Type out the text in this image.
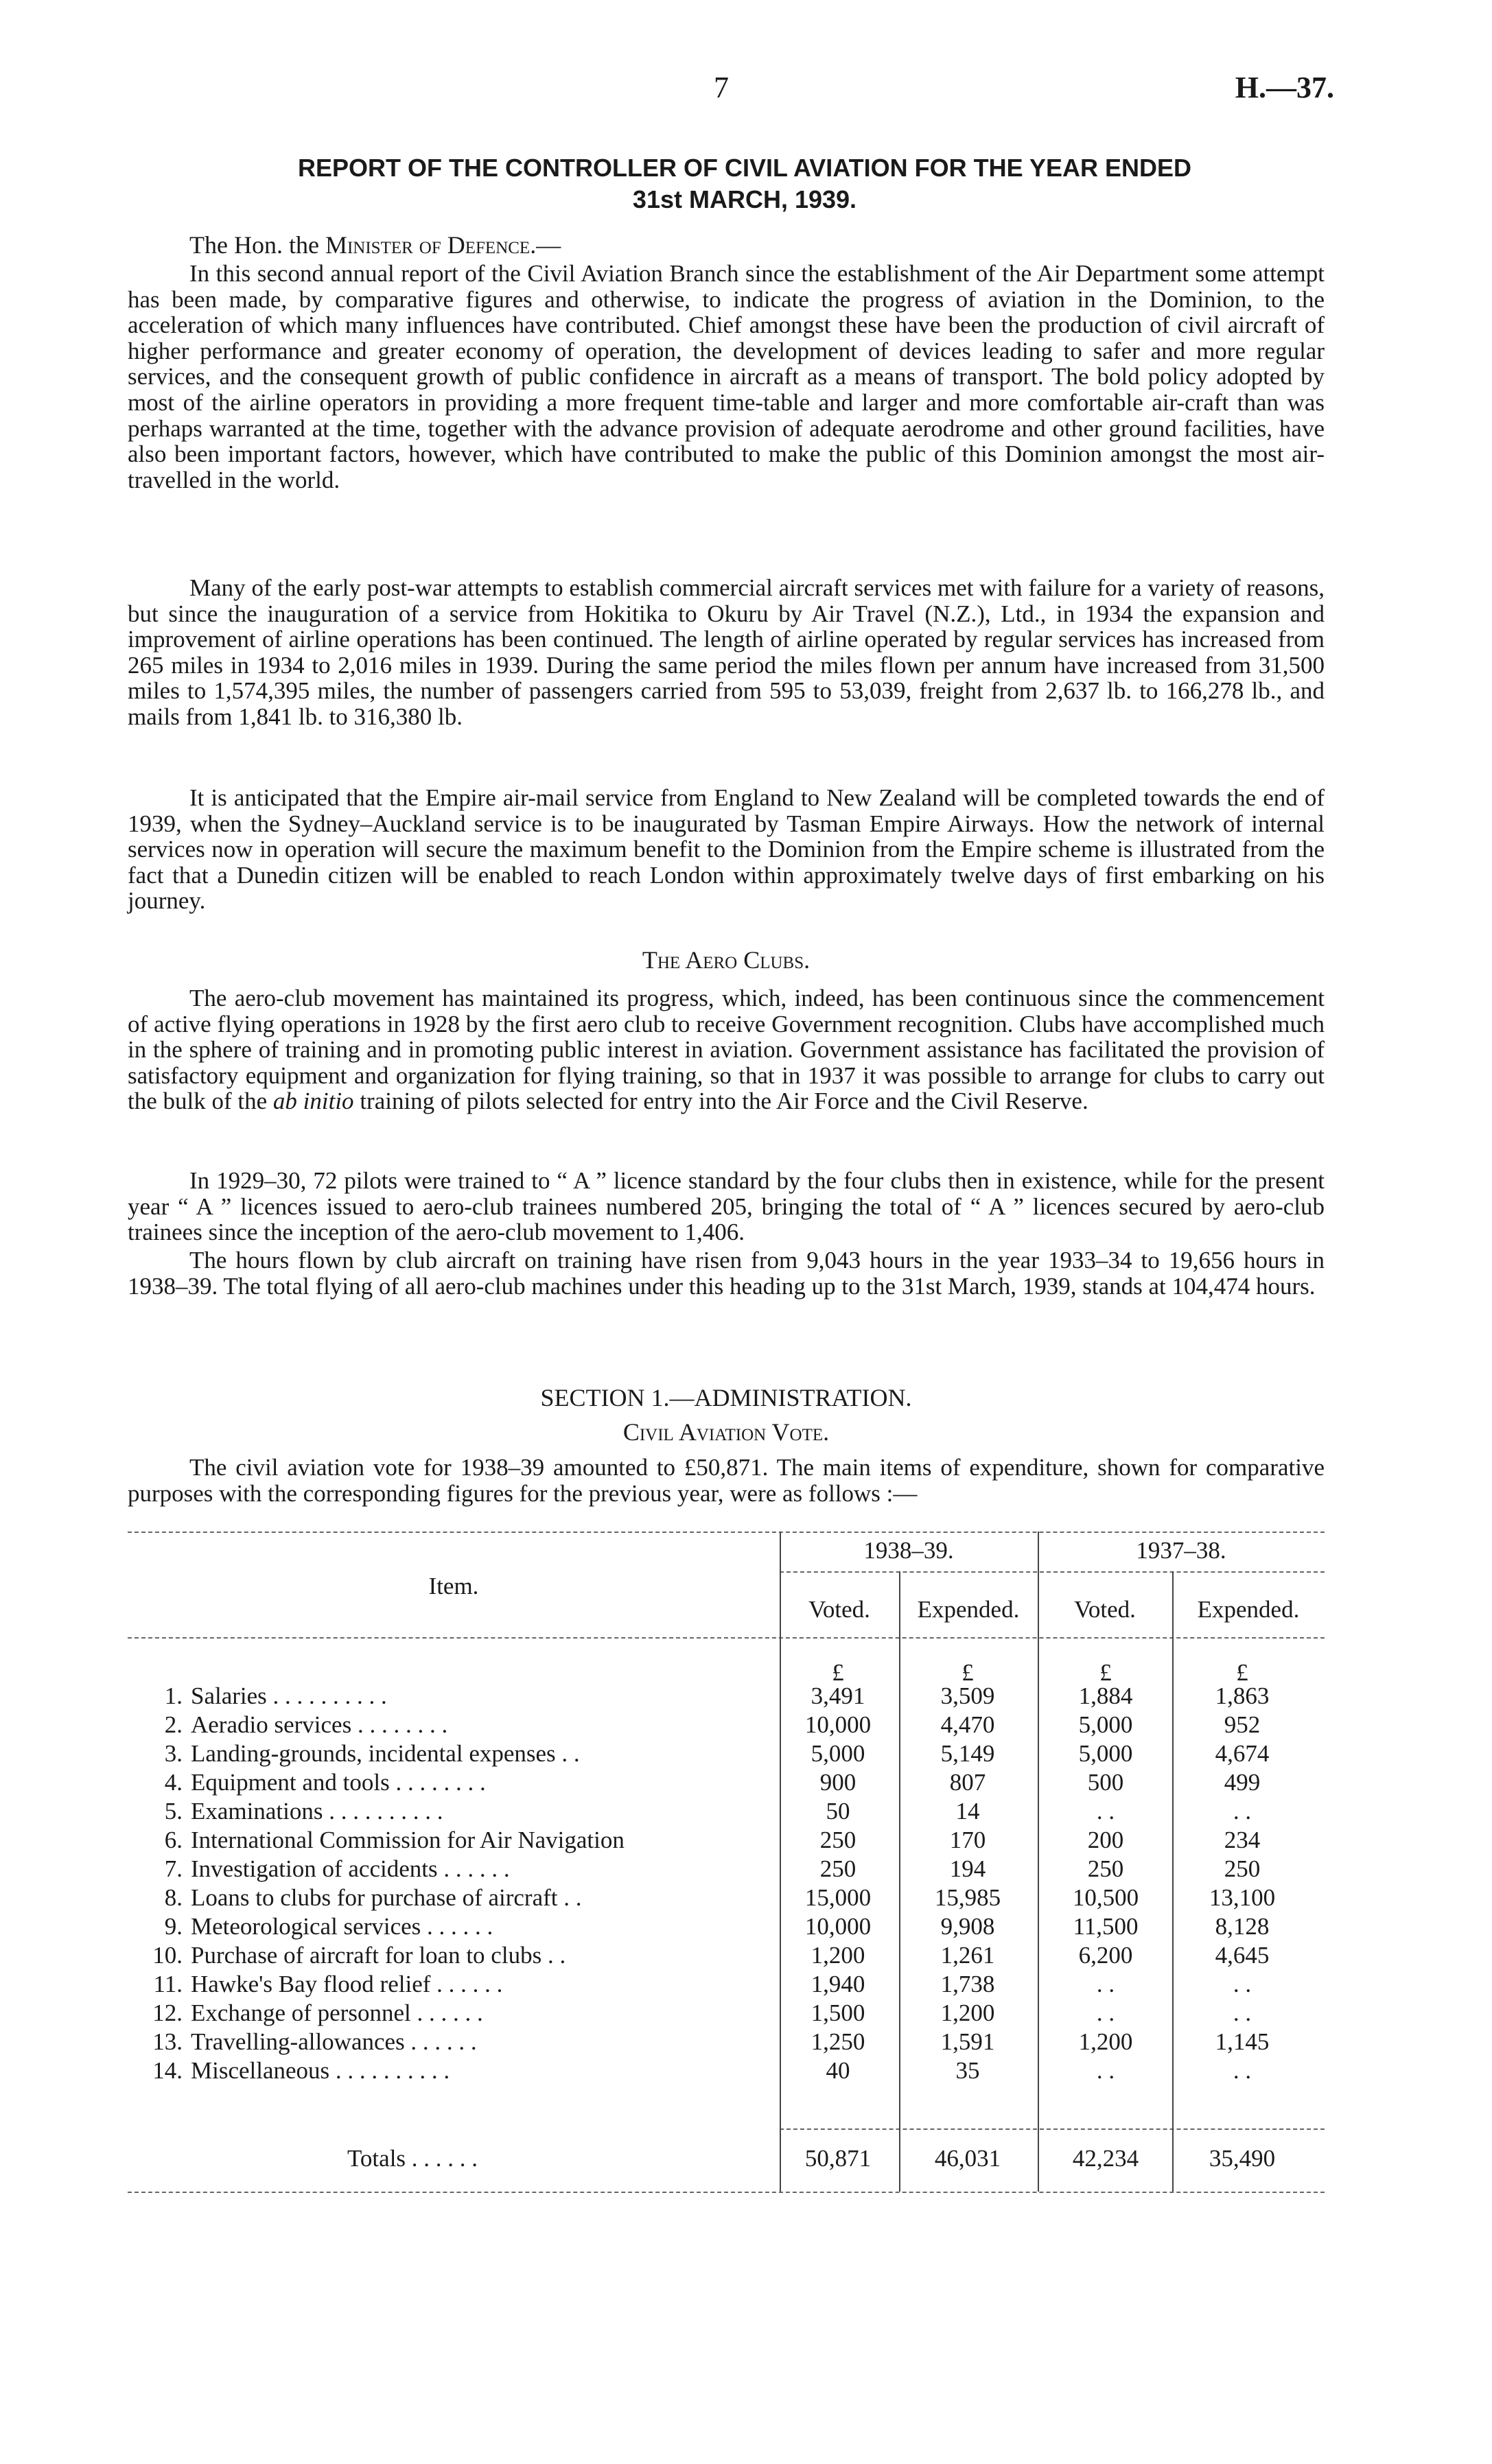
7	H.—37.
REPORT OF THE CONTROLLER OF CIVIL AVIATION FOR THE YEAR ENDED
31st MARCH, 1939.
The Hon. the Minister of Defence.—

In this second annual report of the Civil Aviation Branch since the establishment of the Air Department some attempt has been made, by comparative figures and otherwise, to indicate the progress of aviation in the Dominion, to the acceleration of which many influences have contributed. Chief amongst these have been the production of civil aircraft of higher performance and greater economy of operation, the development of devices leading to safer and more regular services, and the consequent growth of public confidence in aircraft as a means of transport. The bold policy adopted by most of the airline operators in providing a more frequent time-table and larger and more comfortable air-craft than was perhaps warranted at the time, together with the advance provision of adequate aerodrome and other ground facilities, have also been important factors, however, which have contributed to make the public of this Dominion amongst the most air-travelled in the world.

Many of the early post-war attempts to establish commercial aircraft services met with failure for a variety of reasons, but since the inauguration of a service from Hokitika to Okuru by Air Travel (N.Z.), Ltd., in 1934 the expansion and improvement of airline operations has been continued. The length of airline operated by regular services has increased from 265 miles in 1934 to 2,016 miles in 1939. During the same period the miles flown per annum have increased from 31,500 miles to 1,574,395 miles, the number of passengers carried from 595 to 53,039, freight from 2,637 lb. to 166,278 lb., and mails from 1,841 lb. to 316,380 lb.

It is anticipated that the Empire air-mail service from England to New Zealand will be completed towards the end of 1939, when the Sydney–Auckland service is to be inaugurated by Tasman Empire Airways. How the network of internal services now in operation will secure the maximum benefit to the Dominion from the Empire scheme is illustrated from the fact that a Dunedin citizen will be enabled to reach London within approximately twelve days of first embarking on his journey.

The Aero Clubs.

The aero-club movement has maintained its progress, which, indeed, has been continuous since the commencement of active flying operations in 1928 by the first aero club to receive Government recognition. Clubs have accomplished much in the sphere of training and in promoting public interest in aviation. Government assistance has facilitated the provision of satisfactory equipment and organization for flying training, so that in 1937 it was possible to arrange for clubs to carry out the bulk of the ab initio training of pilots selected for entry into the Air Force and the Civil Reserve.

In 1929–30, 72 pilots were trained to “ A ” licence standard by the four clubs then in existence, while for the present year “ A ” licences issued to aero-club trainees numbered 205, bringing the total of “ A ” licences secured by aero-club trainees since the inception of the aero-club movement to 1,406.

The hours flown by club aircraft on training have risen from 9,043 hours in the year 1933–34 to 19,656 hours in 1938–39. The total flying of all aero-club machines under this heading up to the 31st March, 1939, stands at 104,474 hours.

SECTION 1.—ADMINISTRATION.
Civil Aviation Vote.

The civil aviation vote for 1938–39 amounted to £50,871. The main items of expenditure, shown for comparative purposes with the corresponding figures for the previous year, were as follows :—

Item.
1938–39.	1937–38.
Voted.	Expended.	Voted.	Expended.
£	£	£	£
1. Salaries . . . . . . . . . .	3,491	3,509	1,884	1,863
2. Aeradio services . . . . . . . .	10,000	4,470	5,000	952
3. Landing-grounds, incidental expenses . .	5,000	5,149	5,000	4,674
4. Equipment and tools . . . . . . . .	900	807	500	499
5. Examinations . . . . . . . . . .	50	14	. .	. .
6. International Commission for Air Navigation	250	170	200	234
7. Investigation of accidents . . . . . .	250	194	250	250
8. Loans to clubs for purchase of aircraft . .	15,000	15,985	10,500	13,100
9. Meteorological services . . . . . .	10,000	9,908	11,500	8,128
10. Purchase of aircraft for loan to clubs . .	1,200	1,261	6,200	4,645
11. Hawke's Bay flood relief . . . . . .	1,940	1,738	. .	. .
12. Exchange of personnel . . . . . .	1,500	1,200	. .	. .
13. Travelling-allowances . . . . . .	1,250	1,591	1,200	1,145
14. Miscellaneous . . . . . . . . . .	40	35	. .	. .
Totals . . . . . .	50,871	46,031	42,234	35,490
